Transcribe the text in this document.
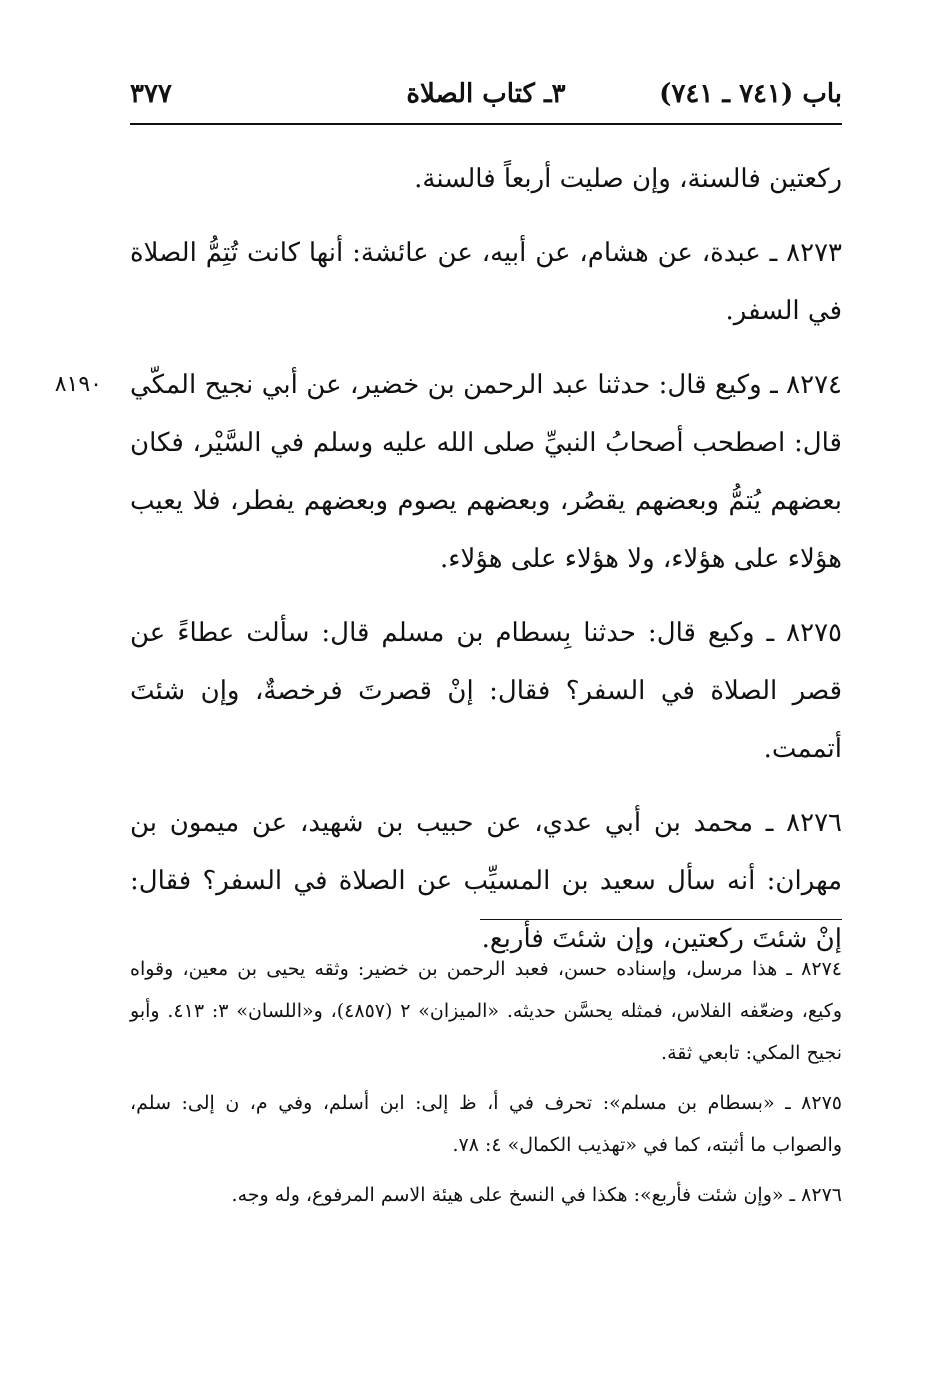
باب (٧٤١ ـ ٧٤١)
٣ـ كتاب الصلاة
٣٧٧

ركعتين فالسنة، وإن صليت أربعاً فالسنة.

٨٢٧٣ ـ عبدة، عن هشام، عن أبيه، عن عائشة: أنها كانت تُتِمُّ الصلاة في السفر.

٨١٩٠ ٨٢٧٤ ـ وكيع قال: حدثنا عبد الرحمن بن خضير، عن أبي نجيح المكّي قال: اصطحب أصحابُ النبيِّ صلى الله عليه وسلم في السَّيْر، فكان بعضهم يُتمُّ وبعضهم يقصُر، وبعضهم يصوم وبعضهم يفطر، فلا يعيب هؤلاء على هؤلاء، ولا هؤلاء على هؤلاء.

٨٢٧٥ ـ وكيع قال: حدثنا بِسطام بن مسلم قال: سألت عطاءً عن قصر الصلاة في السفر؟ فقال: إنْ قصرتَ فرخصةٌ، وإن شئتَ أتممت.

٨٢٧٦ ـ محمد بن أبي عدي، عن حبيب بن شهيد، عن ميمون بن مهران: أنه سأل سعيد بن المسيِّب عن الصلاة في السفر؟ فقال: إنْ شئتَ ركعتين، وإن شئتَ فأربع.

٨٢٧٤ ـ هذا مرسل، وإسناده حسن، فعبد الرحمن بن خضير: وثقه يحيى بن معين، وقواه وكيع، وضعّفه الفلاس، فمثله يحسَّن حديثه. «الميزان» ٢ (٤٨٥٧)، و«اللسان» ٣: ٤١٣. وأبو نجيح المكي: تابعي ثقة.

٨٢٧٥ ـ «بسطام بن مسلم»: تحرف في أ، ظ إلى: ابن أسلم، وفي م، ن إلى: سلم، والصواب ما أثبته، كما في «تهذيب الكمال» ٤: ٧٨.

٨٢٧٦ ـ «وإن شئت فأربع»: هكذا في النسخ على هيئة الاسم المرفوع، وله وجه.
